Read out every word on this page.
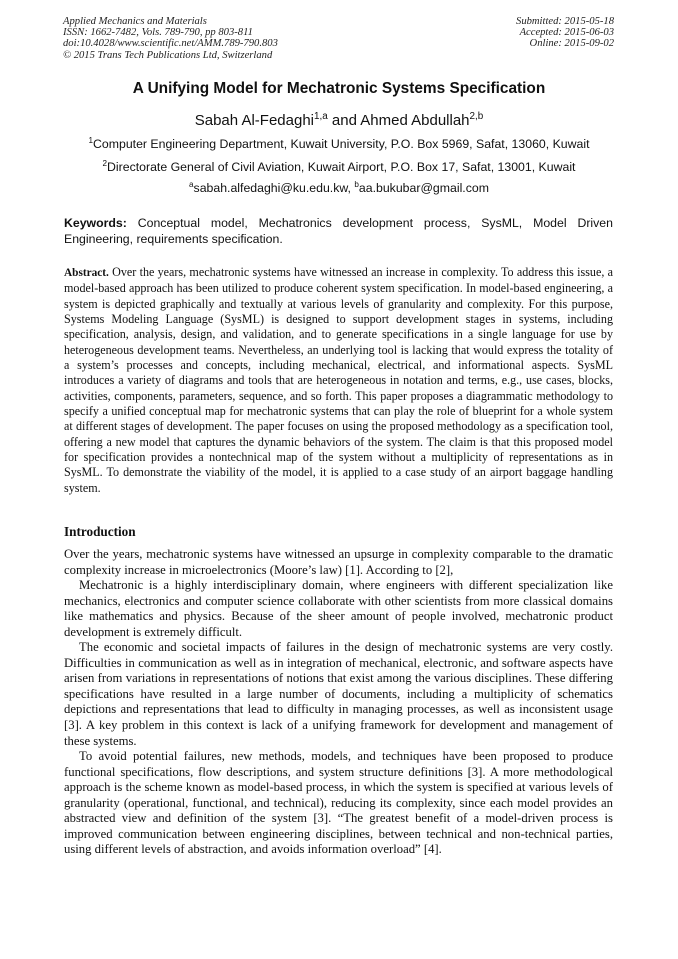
Applied Mechanics and Materials
ISSN: 1662-7482, Vols. 789-790, pp 803-811
doi:10.4028/www.scientific.net/AMM.789-790.803
© 2015 Trans Tech Publications Ltd, Switzerland
Submitted: 2015-05-18
Accepted: 2015-06-03
Online: 2015-09-02
A Unifying Model for Mechatronic Systems Specification
Sabah Al-Fedaghi$^{1,a}$ and Ahmed Abdullah$^{2,b}$
$^1$Computer Engineering Department, Kuwait University, P.O. Box 5969, Safat, 13060, Kuwait
$^2$Directorate General of Civil Aviation, Kuwait Airport, P.O. Box 17, Safat, 13001, Kuwait
$^a$sabah.alfedaghi@ku.edu.kw, $^b$aa.bukubar@gmail.com
Keywords: Conceptual model, Mechatronics development process, SysML, Model Driven Engineering, requirements specification.
Abstract. Over the years, mechatronic systems have witnessed an increase in complexity. To address this issue, a model-based approach has been utilized to produce coherent system specification. In model-based engineering, a system is depicted graphically and textually at various levels of granularity and complexity. For this purpose, Systems Modeling Language (SysML) is designed to support development stages in systems, including specification, analysis, design, and validation, and to generate specifications in a single language for use by heterogeneous development teams. Nevertheless, an underlying tool is lacking that would express the totality of a system’s processes and concepts, including mechanical, electrical, and informational aspects. SysML introduces a variety of diagrams and tools that are heterogeneous in notation and terms, e.g., use cases, blocks, activities, components, parameters, sequence, and so forth. This paper proposes a diagrammatic methodology to specify a unified conceptual map for mechatronic systems that can play the role of blueprint for a whole system at different stages of development. The paper focuses on using the proposed methodology as a specification tool, offering a new model that captures the dynamic behaviors of the system. The claim is that this proposed model for specification provides a nontechnical map of the system without a multiplicity of representations as in SysML. To demonstrate the viability of the model, it is applied to a case study of an airport baggage handling system.
Introduction

Over the years, mechatronic systems have witnessed an upsurge in complexity comparable to the dramatic complexity increase in microelectronics (Moore’s law) [1]. According to [2],

Mechatronic is a highly interdisciplinary domain, where engineers with different specialization like mechanics, electronics and computer science collaborate with other scientists from more classical domains like mathematics and physics. Because of the sheer amount of people involved, mechatronic product development is extremely difficult.

The economic and societal impacts of failures in the design of mechatronic systems are very costly. Difficulties in communication as well as in integration of mechanical, electronic, and software aspects have arisen from variations in representations of notions that exist among the various disciplines. These differing specifications have resulted in a large number of documents, including a multiplicity of schematics depictions and representations that lead to difficulty in managing processes, as well as inconsistent usage [3]. A key problem in this context is lack of a unifying framework for development and management of these systems.

To avoid potential failures, new methods, models, and techniques have been proposed to produce functional specifications, flow descriptions, and system structure definitions [3]. A more methodological approach is the scheme known as model-based process, in which the system is specified at various levels of granularity (operational, functional, and technical), reducing its complexity, since each model provides an abstracted view and definition of the system [3]. “The greatest benefit of a model-driven process is improved communication between engineering disciplines, between technical and non-technical parties, using different levels of abstraction, and avoids information overload” [4].
